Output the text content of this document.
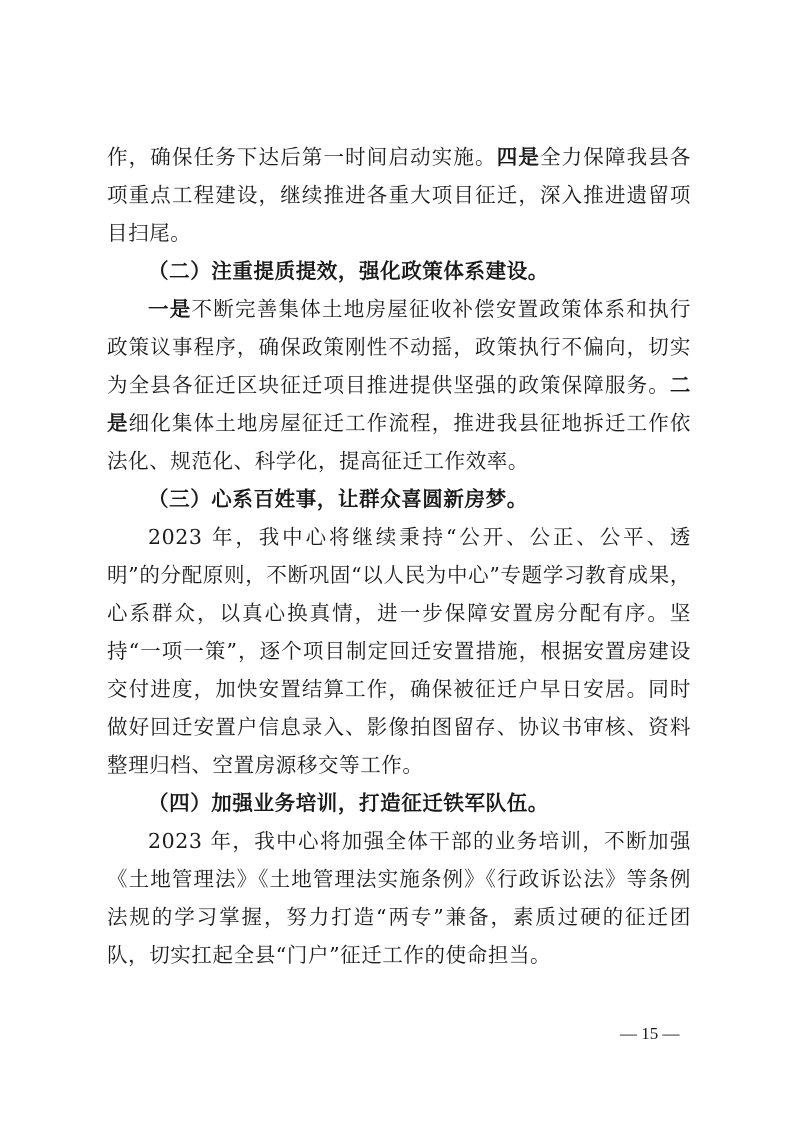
作，确保任务下达后第一时间启动实施。四是全力保障我县各项重点工程建设，继续推进各重大项目征迁，深入推进遗留项目扫尾。

（二）注重提质提效，强化政策体系建设。

一是不断完善集体土地房屋征收补偿安置政策体系和执行政策议事程序，确保政策刚性不动摇，政策执行不偏向，切实为全县各征迁区块征迁项目推进提供坚强的政策保障服务。二是细化集体土地房屋征迁工作流程，推进我县征地拆迁工作依法化、规范化、科学化，提高征迁工作效率。

（三）心系百姓事，让群众喜圆新房梦。

2023 年，我中心将继续秉持“公开、公正、公平、透明”的分配原则，不断巩固“以人民为中心”专题学习教育成果，心系群众，以真心换真情，进一步保障安置房分配有序。坚持“一项一策”，逐个项目制定回迁安置措施，根据安置房建设交付进度，加快安置结算工作，确保被征迁户早日安居。同时做好回迁安置户信息录入、影像拍图留存、协议书审核、资料整理归档、空置房源移交等工作。

（四）加强业务培训，打造征迁铁军队伍。

2023 年，我中心将加强全体干部的业务培训，不断加强《土地管理法》《土地管理法实施条例》《行政诉讼法》等条例法规的学习掌握，努力打造“两专”兼备，素质过硬的征迁团队，切实扛起全县“门户”征迁工作的使命担当。

— 15 —
